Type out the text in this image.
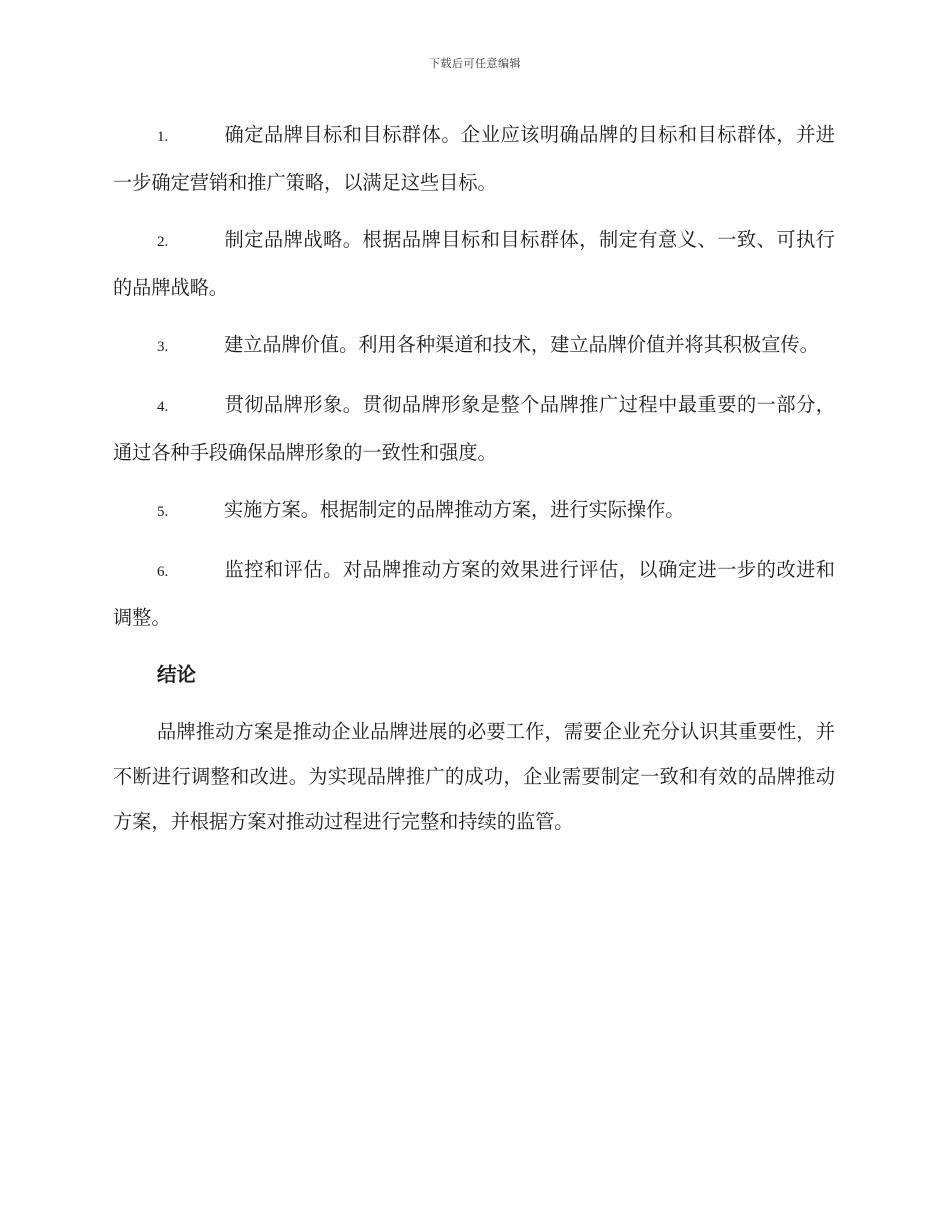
下载后可任意编辑

1.	确定品牌目标和目标群体。企业应该明确品牌的目标和目标群体，并进一步确定营销和推广策略，以满足这些目标。

2.	制定品牌战略。根据品牌目标和目标群体，制定有意义、一致、可执行的品牌战略。

3.	建立品牌价值。利用各种渠道和技术，建立品牌价值并将其积极宣传。

4.	贯彻品牌形象。贯彻品牌形象是整个品牌推广过程中最重要的一部分，通过各种手段确保品牌形象的一致性和强度。

5.	实施方案。根据制定的品牌推动方案，进行实际操作。

6.	监控和评估。对品牌推动方案的效果进行评估，以确定进一步的改进和调整。

结论

品牌推动方案是推动企业品牌进展的必要工作，需要企业充分认识其重要性，并不断进行调整和改进。为实现品牌推广的成功，企业需要制定一致和有效的品牌推动方案，并根据方案对推动过程进行完整和持续的监管。
